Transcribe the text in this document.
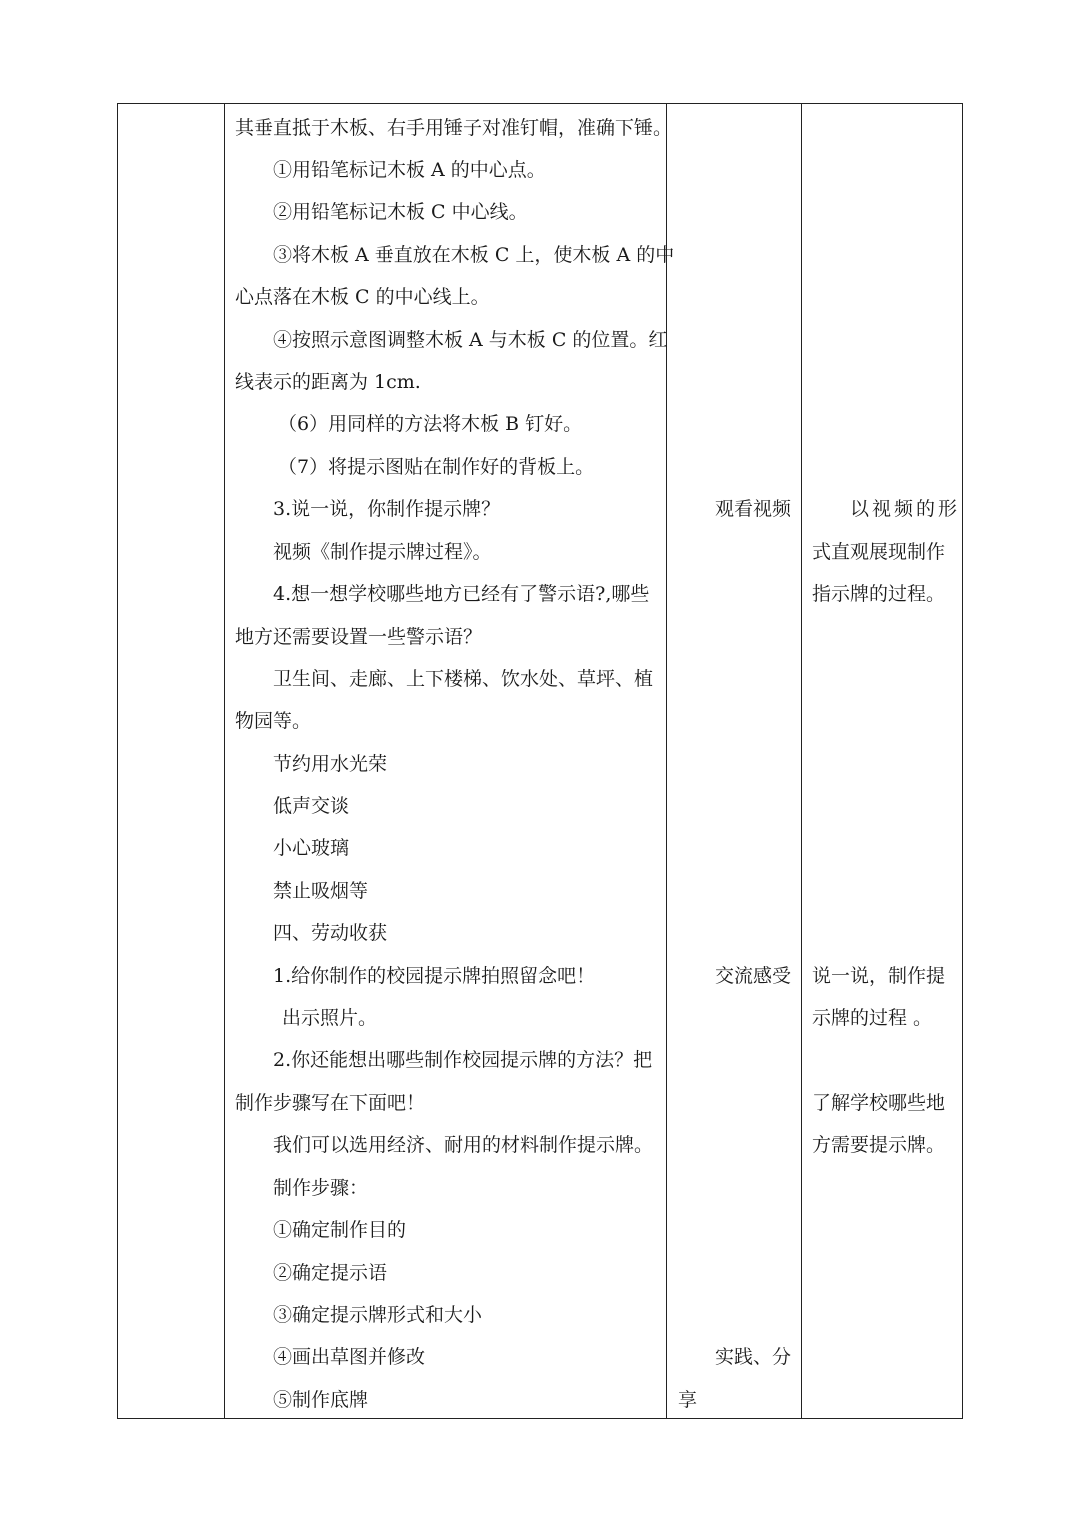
其垂直抵于木板、右手用锤子对准钉帽，准确下锤。
①用铅笔标记木板 A 的中心点。
②用铅笔标记木板 C 中心线。
③将木板 A 垂直放在木板 C 上，使木板 A 的中
心点落在木板 C 的中心线上。
④按照示意图调整木板 A 与木板 C 的位置。红
线表示的距离为 1cm.
（6）用同样的方法将木板 B 钉好。
（7）将提示图贴在制作好的背板上。
3.说一说，你制作提示牌？
视频《制作提示牌过程》。
4.想一想学校哪些地方已经有了警示语?,哪些
地方还需要设置一些警示语？
卫生间、走廊、上下楼梯、饮水处、草坪、植
物园等。
节约用水光荣
低声交谈
小心玻璃
禁止吸烟等
四、劳动收获
1.给你制作的校园提示牌拍照留念吧！
出示照片。
2.你还能想出哪些制作校园提示牌的方法？把
制作步骤写在下面吧！
我们可以选用经济、耐用的材料制作提示牌。
制作步骤：
①确定制作目的
②确定提示语
③确定提示牌形式和大小
④画出草图并修改
⑤制作底牌
观看视频
交流感受
实践、分
享
以视频的形
式直观展现制作
指示牌的过程。
说一说，制作提
示牌的过程 。
了解学校哪些地
方需要提示牌。
